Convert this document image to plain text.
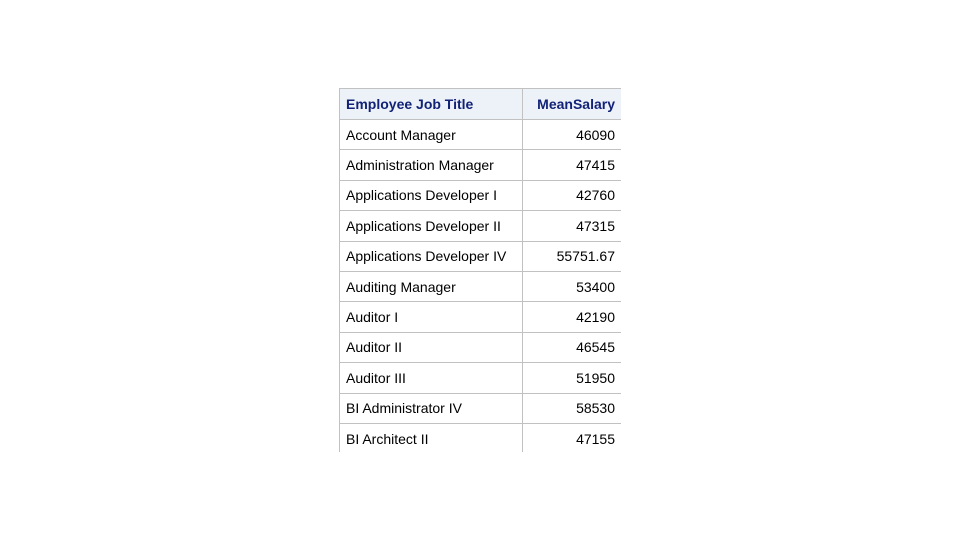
Employee Job Title	MeanSalary
Account Manager	46090
Administration Manager	47415
Applications Developer I	42760
Applications Developer II	47315
Applications Developer IV	55751.67
Auditing Manager	53400
Auditor I	42190
Auditor II	46545
Auditor III	51950
BI Administrator IV	58530
BI Architect II	47155
